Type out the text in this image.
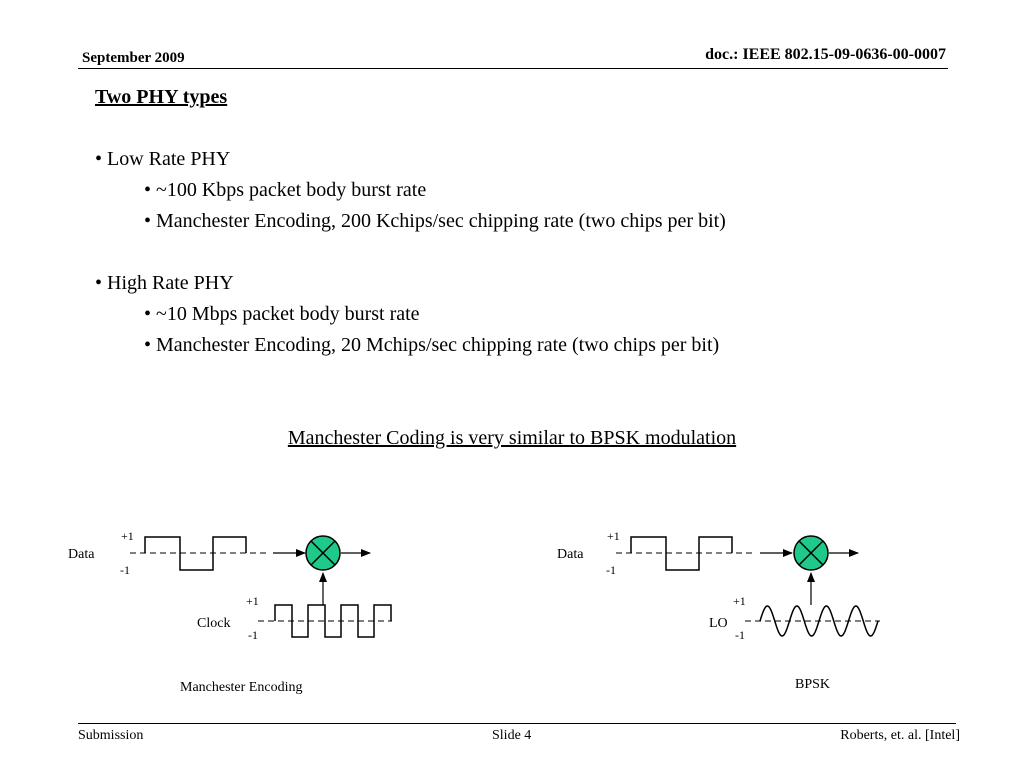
September 2009	doc.: IEEE 802.15-09-0636-00-0007
Two PHY types
• Low Rate PHY
• ~100 Kbps packet body burst rate
• Manchester Encoding, 200 Kchips/sec chipping rate (two chips per bit)
• High Rate PHY
• ~10 Mbps packet body burst rate
• Manchester Encoding, 20 Mchips/sec chipping rate (two chips per bit)
Manchester Coding is very similar to BPSK modulation
Data
+1
-1
+1
Clock
-1
Manchester Encoding
Data
+1
-1
+1
LO
-1
BPSK
Submission	Slide 4	Roberts, et. al. [Intel]
